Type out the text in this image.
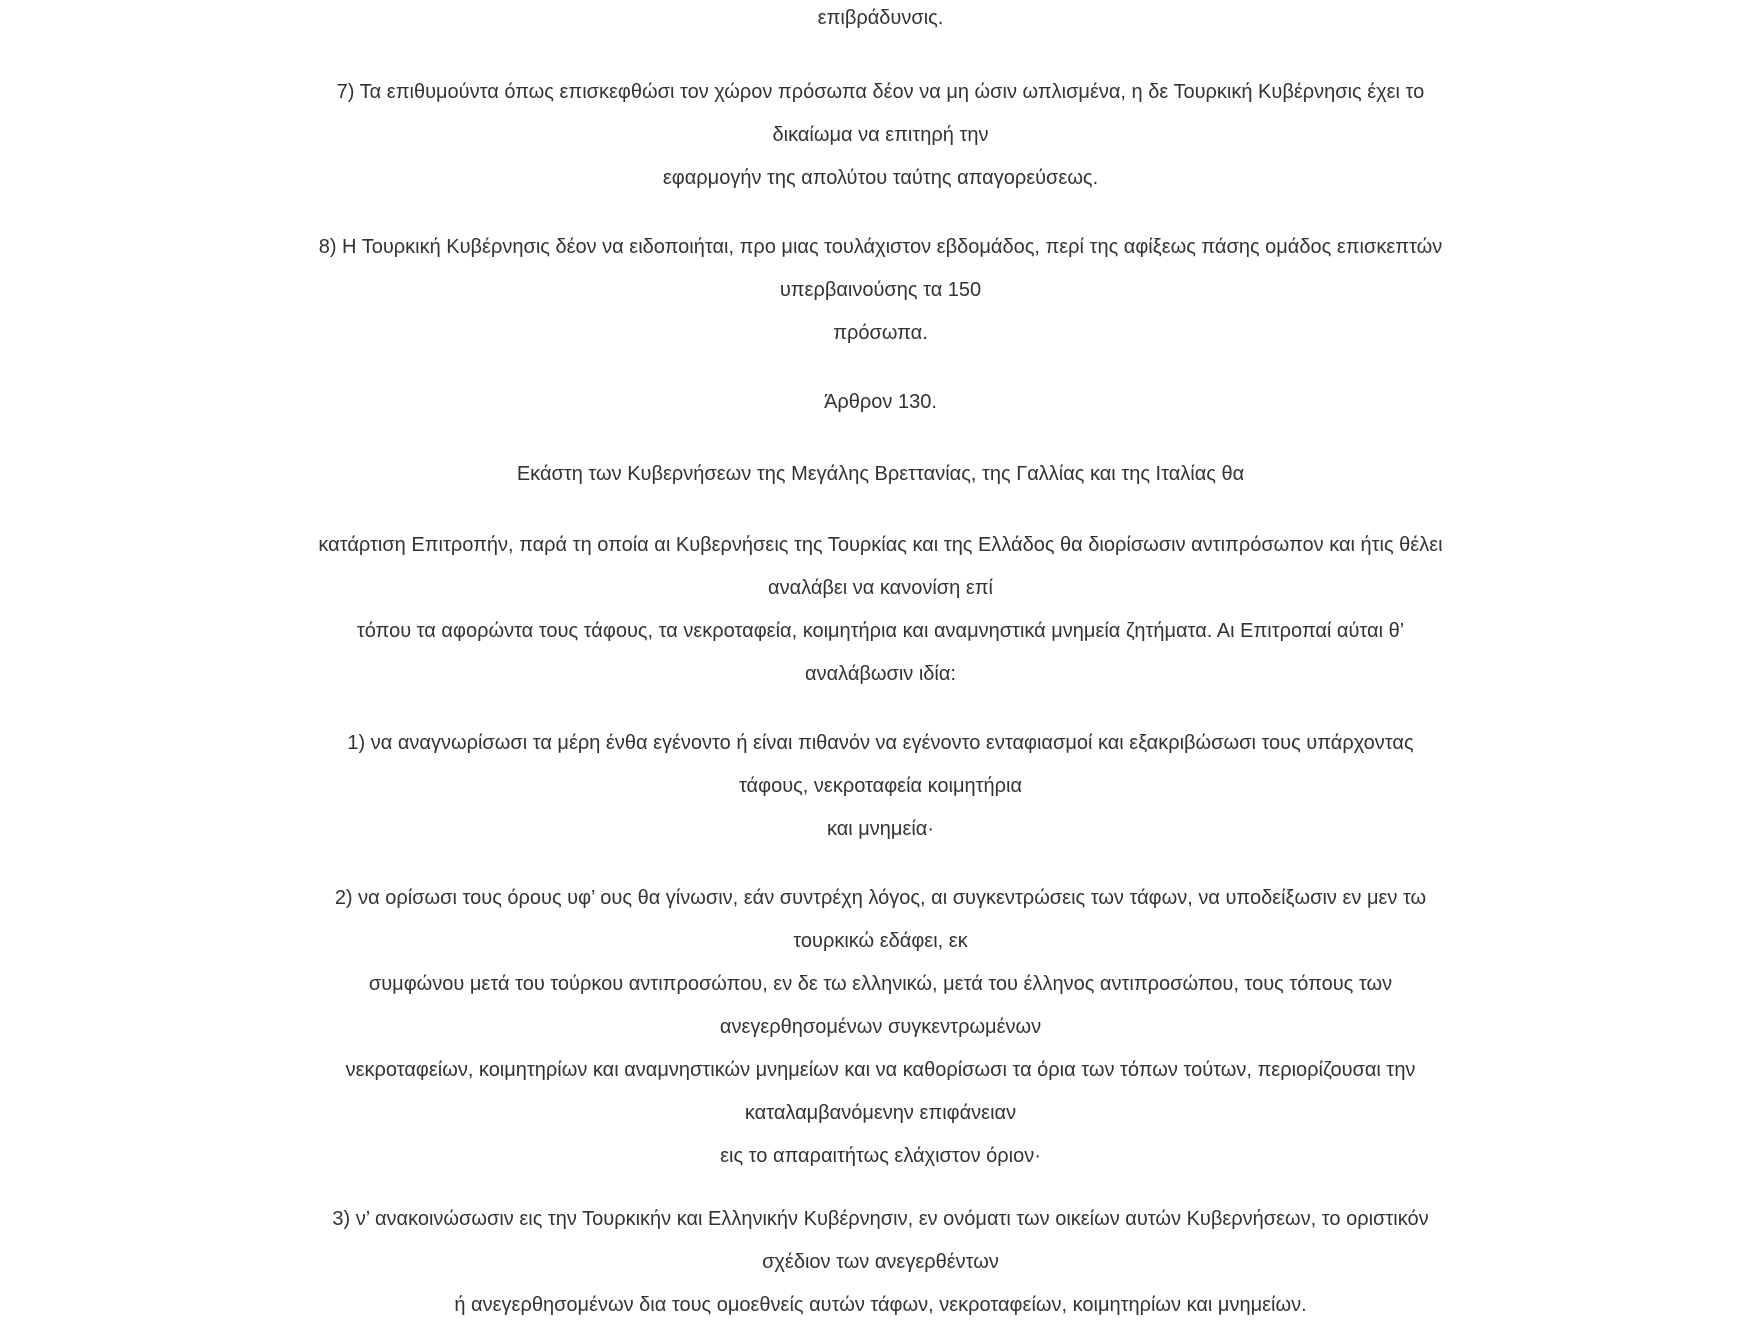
επιβράδυνσις.
7) Τα επιθυμούντα όπως επισκεφθώσι τον χώρον πρόσωπα δέον να μη ώσιν ωπλισμένα, η δε Τουρκική Κυβέρνησις έχει το
δικαίωμα να επιτηρή την
εφαρμογήν της απολύτου ταύτης απαγορεύσεως.
8) Η Τουρκική Κυβέρνησις δέον να ειδοποιήται, προ μιας τουλάχιστον εβδομάδος, περί της αφίξεως πάσης ομάδος επισκεπτών
υπερβαινούσης τα 150
πρόσωπα.
Άρθρον 130.
Εκάστη των Κυβερνήσεων της Μεγάλης Βρεττανίας, της Γαλλίας και της Ιταλίας θα
κατάρτιση Επιτροπήν, παρά τη οποία αι Κυβερνήσεις της Τουρκίας και της Ελλάδος θα διορίσωσιν αντιπρόσωπον και ήτις θέλει
αναλάβει να κανονίση επί
τόπου τα αφορώντα τους τάφους, τα νεκροταφεία, κοιμητήρια και αναμνηστικά μνημεία ζητήματα. Αι Επιτροπαί αύται θ’
αναλάβωσιν ιδία:
1) να αναγνωρίσωσι τα μέρη ένθα εγένοντο ή είναι πιθανόν να εγένοντο ενταφιασμοί και εξακριβώσωσι τους υπάρχοντας
τάφους, νεκροταφεία κοιμητήρια
και μνημεία·
2) να ορίσωσι τους όρους υφ’ ους θα γίνωσιν, εάν συντρέχη λόγος, αι συγκεντρώσεις των τάφων, να υποδείξωσιν εν μεν τω
τουρκικώ εδάφει, εκ
συμφώνου μετά του τούρκου αντιπροσώπου, εν δε τω ελληνικώ, μετά του έλληνος αντιπροσώπου, τους τόπους των
ανεγερθησομένων συγκεντρωμένων
νεκροταφείων, κοιμητηρίων και αναμνηστικών μνημείων και να καθορίσωσι τα όρια των τόπων τούτων, περιορίζουσαι την
καταλαμβανόμενην επιφάνειαν
εις το απαραιτήτως ελάχιστον όριον·
3) ν’ ανακοινώσωσιν εις την Τουρκικήν και Ελληνικήν Κυβέρνησιν, εν ονόματι των οικείων αυτών Κυβερνήσεων, το οριστικόν
σχέδιον των ανεγερθέντων
ή ανεγερθησομένων δια τους ομοεθνείς αυτών τάφων, νεκροταφείων, κοιμητηρίων και μνημείων.
